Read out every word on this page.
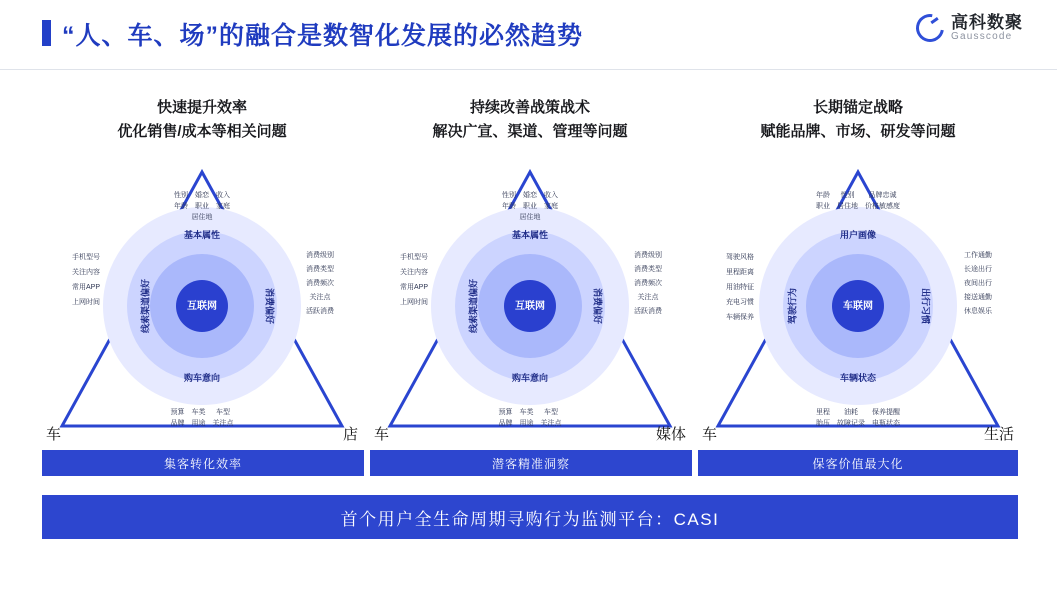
“人、车、场”的融合是数智化发展的必然趋势	高科数聚
Gausscode
快速提升效率
优化销售/成本等相关问题
车	店
互联网
基本属性
消费偏好
购车意向
线索渠道偏好
性别 婚恋 收入
年龄 职业 家庭
居住地
消费级别
消费类型
消费频次
关注点
活跃消费
预算 车类	车型
品牌 用途 关注点
手机型号
关注内容
常用APP
上网时间
持续改善战策战术
解决广宣、渠道、管理等问题
车	媒体
互联网
基本属性
消费偏好
购车意向
线索渠道偏好
性别 婚恋 收入
年龄 职业 家庭
居住地
消费级别
消费类型
消费频次
关注点
活跃消费
预算 车类	车型
品牌 用途 关注点
手机型号
关注内容
常用APP
上网时间
长期锚定战略
赋能品牌、市场、研发等问题
车	生活
车联网
用户画像
出行习惯
车辆状态
驾驶行为
年龄	性别	品牌忠诚
职业 居住地 价格敏感度
工作通勤
长途出行
夜间出行
接送通勤
休息娱乐
里程	油耗	保养提醒
胎压 故障记录 电瓶状态
驾驶风格
里程距离
用油特征
充电习惯
车辆保养
集客转化效率	潜客精准洞察	保客价值最大化
首个用户全生命周期寻购行为监测平台：CASI
